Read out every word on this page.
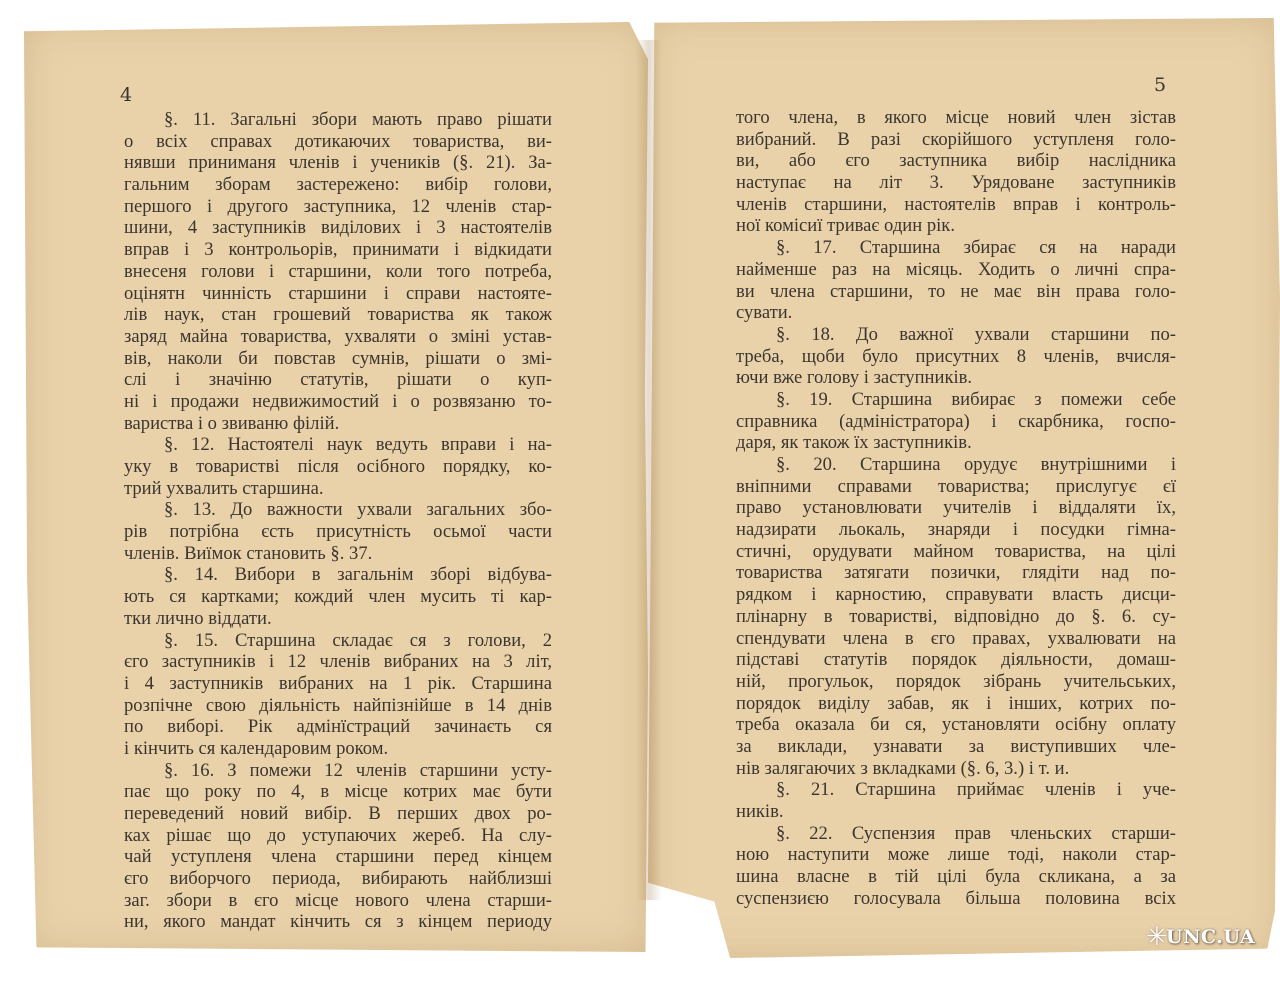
4	5
§. 11. Загальні збори мають право рішати
о всіх справах дотикаючих товариства, ви-
нявши приниманя членів і учеників (§. 21). За-
гальним зборам застережено: вибір голови,
першого і другого заступника, 12 членів стар-
шини, 4 заступників виділових і 3 настоятелів
вправ і 3 контрольорів, принимати і відкидати
внесеня голови і старшини, коли того потреба,
оцінятн чинність старшини і справи настояте-
лів наук, стан грошевий товариства як також
заряд майна товариства, ухваляти о зміні устав-
вів, наколи би повстав сумнів, рішати о змі-
слі і значіню статутів, рішати о куп-
ні і продажи недвижимостий і о розвязаню то-
вариства і о звиваню філій.
§. 12. Настоятелі наук ведуть вправи і на-
уку в товаристві після осібного порядку, ко-
трий ухвалить старшина.
§. 13. До важности ухвали загальних збо-
рів потрібна єсть присутність осьмої части
членів. Виїмок становить §. 37.
§. 14. Вибори в загальнім зборі відбува-
ють ся картками; кождий член мусить ті кар-
тки лично віддати.
§. 15. Старшина складає ся з голови, 2
єго заступників і 12 членів вибраних на 3 літ,
і 4 заступників вибраних на 1 рік. Старшина
розпічне свою діяльність найпізнійше в 14 днів
по виборі. Рік адмінїстраций зачинаєть ся
і кінчить ся календаровим роком.
§. 16. З помежи 12 членів старшини усту-
пає що року по 4, в місце котрих має бути
переведений новий вибір. В перших двох ро-
ках рішає що до уступаючих жереб. На слу-
чай уступленя члена старшини перед кінцем
єго виборчого периода, вибирають найблизші
заг. збори в єго місце нового члена старши-
ни, якого мандат кінчить ся з кінцем периоду
того члена, в якого місце новий член зістав
вибраний. В разі скорійшого уступленя голо-
ви, або єго заступника вибір наслідника
наступає на літ 3. Урядоване заступників
членів старшини, настоятелів вправ і контроль-
ної комісиї триває один рік.
§. 17. Старшина збирає ся на наради
найменше раз на місяць. Ходить о личні спра-
ви члена старшини, то не має він права голо-
сувати.
§. 18. До важної ухвали старшини по-
треба, щоби було присутних 8 членів, вчисля-
ючи вже голову і заступників.
§. 19. Старшина вибирає з помежи себе
справника (адміністратора) і скарбника, госпо-
даря, як також їх заступників.
§. 20. Старшина орудує внутрішними і
вніпними справами товариства; прислугує єї
право установлювати учителів і віддаляти їх,
надзирати льокаль, знаряди і посудки гімна-
стичні, орудувати майном товариства, на цілі
товариства затягати позички, глядіти над по-
рядком і карностию, справувати власть дисци-
плінарну в товаристві, відповідно до §. 6. су-
спендувати члена в єго правах, ухвалювати на
підставі статутів порядок діяльности, домаш-
ній, прогульок, порядок зібрань учительських,
порядок виділу забав, як і інших, котрих по-
треба оказала би ся, установляти осібну оплату
за виклади, узнавати за виступивших чле-
нів залягаючих з вкладками (§. 6, 3.) і т. и.
§. 21. Старшина приймає членів і уче-
ників.
§. 22. Суспензия прав членьских старши-
ною наступити може лише тоді, наколи стар-
шина власне в тій цілі була скликана, а за
суспензиєю голосувала більша половина всіх
✳
UNC.UA
